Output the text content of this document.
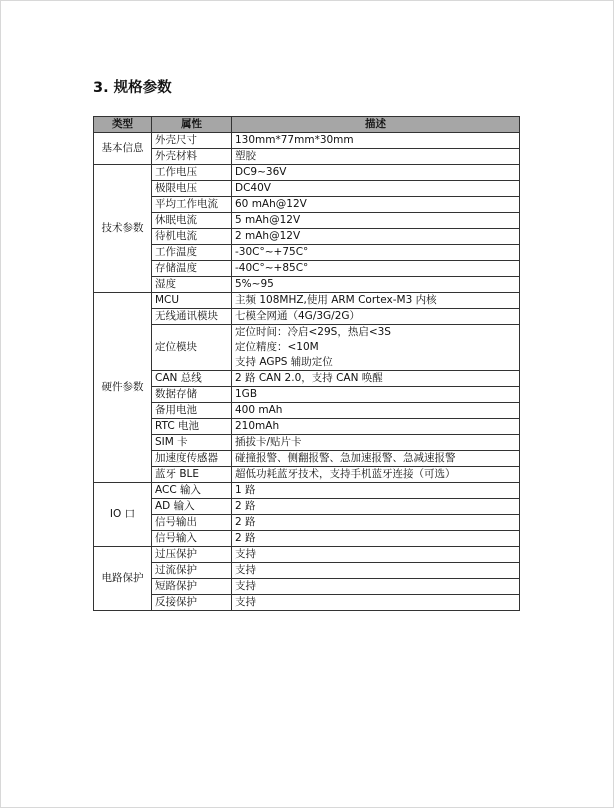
3. 规格参数
类型	属性	描述
基本信息	外壳尺寸	130mm*77mm*30mm

	外壳材料	塑胶

技术参数	工作电压	DC9~36V

	极限电压	DC40V

	平均工作电流	60 mAh@12V

	休眠电流	5 mAh@12V

	待机电流	2 mAh@12V

	工作温度	-30C°~+75C°

	存储温度	-40C°~+85C°

	湿度	5%~95

硬件参数	MCU	主频 108MHZ,使用 ARM Cortex-M3 内核

	无线通讯模块	七模全网通（4G/3G/2G）

	定位模块	定位时间：冷启<29S，热启<3S
定位精度：<10M
支持 AGPS 辅助定位

	CAN 总线	2 路 CAN 2.0，支持 CAN 唤醒

	数据存储	1GB

	备用电池	400 mAh

	RTC 电池	210mAh

	SIM 卡	插拔卡/贴片卡

	加速度传感器	碰撞报警、侧翻报警、急加速报警、急减速报警

	蓝牙 BLE	超低功耗蓝牙技术，支持手机蓝牙连接（可选）

IO 口	ACC 输入	1 路

	AD 输入	2 路

	信号输出	2 路

	信号输入	2 路

电路保护	过压保护	支持

	过流保护	支持

	短路保护	支持

	反接保护	支持
